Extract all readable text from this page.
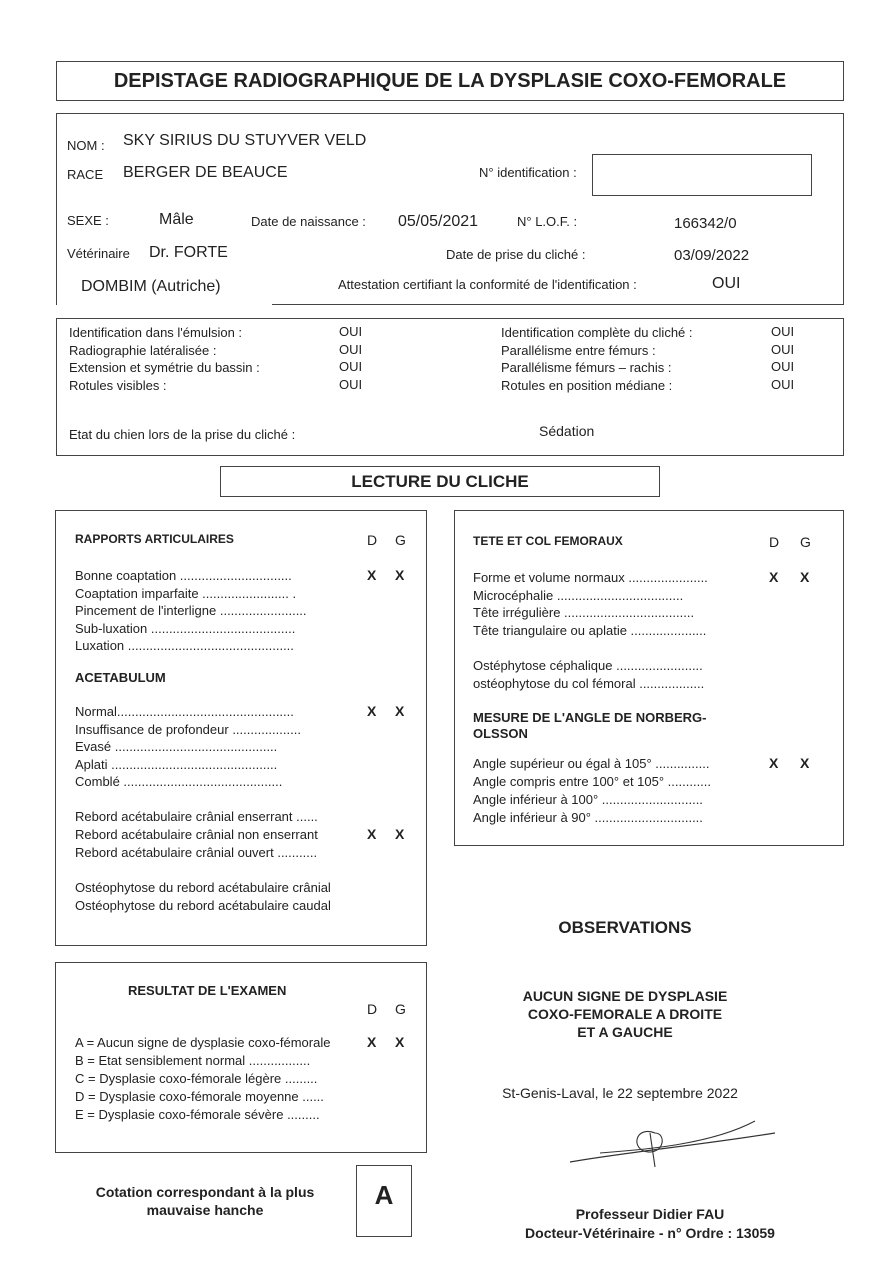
DEPISTAGE RADIOGRAPHIQUE DE LA DYSPLASIE COXO-FEMORALE
NOM : SKY SIRIUS DU STUYVER VELD
RACE BERGER DE BEAUCE	N° identification :
SEXE :	Mâle	Date de naissance : 05/05/2021	N° L.O.F. :	166342/0
Vétérinaire Dr. FORTE	Date de prise du cliché :	03/09/2022
DOMBIM (Autriche)	Attestation certifiant la conformité de l'identification :	OUI
Identification dans l'émulsion :	OUI
Radiographie latéralisée :	OUI
Extension et symétrie du bassin :	OUI
Rotules visibles :	OUI
Identification complète du cliché :	OUI
Parallélisme entre fémurs :	OUI
Parallélisme fémurs – rachis :	OUI
Rotules en position médiane :	OUI
Etat du chien lors de la prise du cliché :	Sédation
LECTURE DU CLICHE
RAPPORTS ARTICULAIRES	D G
Bonne coaptation ...............................	X X
Coaptation imparfaite ........................ .
Pincement de l'interligne ........................
Sub-luxation ........................................
Luxation ..............................................
Normal.................................................	X X
Insuffisance de profondeur ...................
Evasé .............................................
Aplati ..............................................
Comblé ............................................
Rebord acétabulaire crânial enserrant ......
Rebord acétabulaire crânial non enserrant	X X
Rebord acétabulaire crânial ouvert ...........
Ostéophytose du rebord acétabulaire crânial
Ostéophytose du rebord acétabulaire caudal
ACETABULUM
TETE ET COL FEMORAUX	D G
Forme et volume normaux ......................	X X
Microcéphalie ...................................
Tête irrégulière ....................................
Tête triangulaire ou aplatie .....................
Ostéphytose céphalique ........................
ostéophytose du col fémoral ..................
Angle supérieur ou égal à 105° ...............	X X
Angle compris entre 100° et 105° ............
Angle inférieur à 100° ............................
Angle inférieur à 90° ..............................
MESURE DE L'ANGLE DE NORBERG-
OLSSON
RESULTAT DE L'EXAMEN
D G
A = Aucun signe de dysplasie coxo-fémorale	X X
B = Etat sensiblement normal .................
C = Dysplasie coxo-fémorale légère .........
D = Dysplasie coxo-fémorale moyenne ......
E = Dysplasie coxo-fémorale sévère .........
Cotation correspondant à la plus
mauvaise hanche	A
OBSERVATIONS
AUCUN SIGNE DE DYSPLASIE
COXO-FEMORALE A DROITE
ET A GAUCHE
St-Genis-Laval, le 22 septembre 2022
Professeur Didier FAU
Docteur-Vétérinaire - n° Ordre : 13059
